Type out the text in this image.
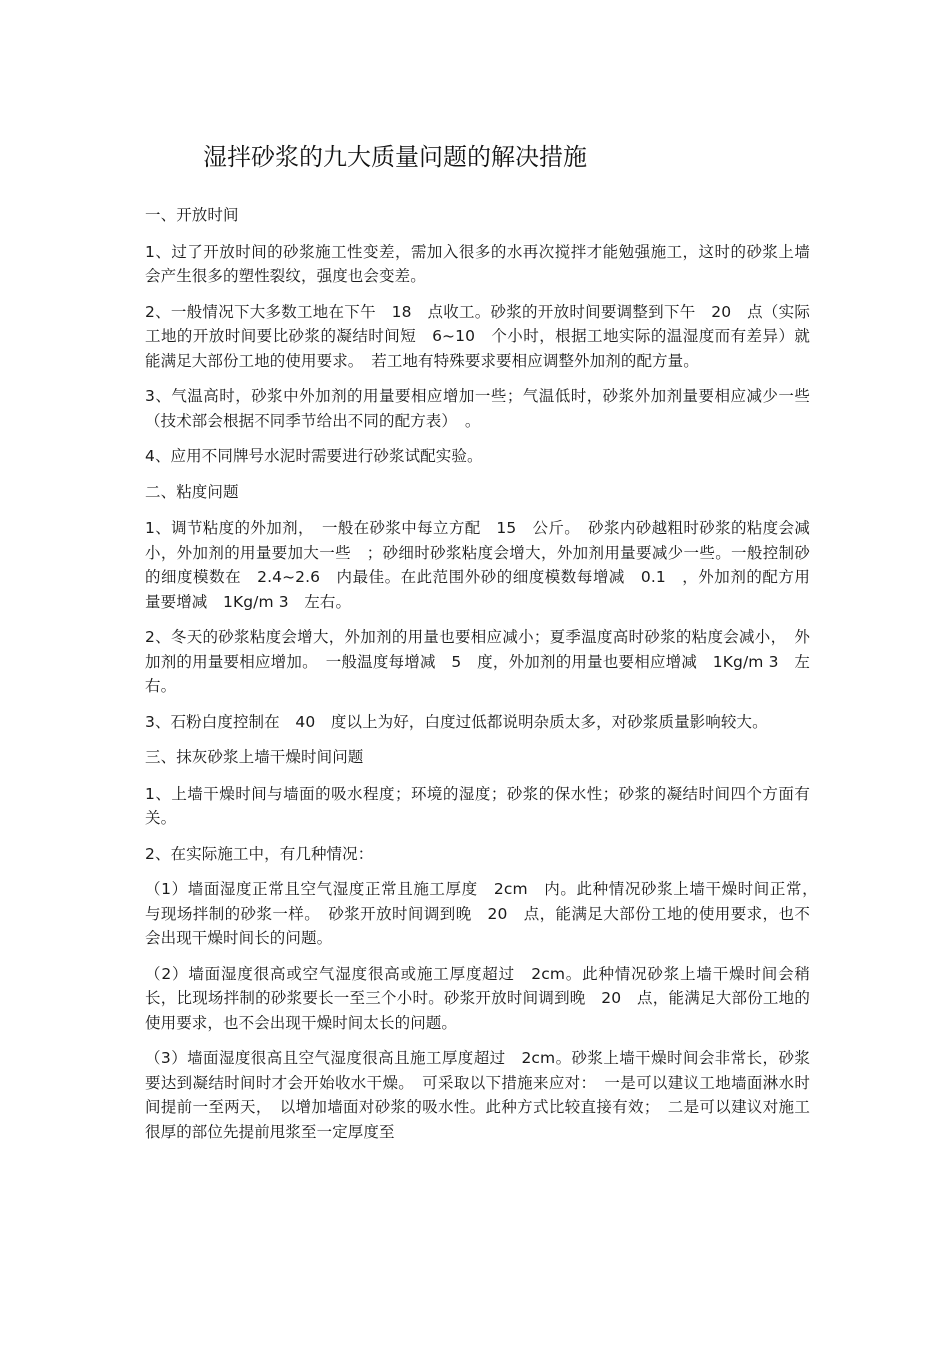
湿拌砂浆的九大质量问题的解决措施

一、开放时间

1、过了开放时间的砂浆施工性变差，需加入很多的水再次搅拌才能勉强施工，这时的砂浆上墙会产生很多的塑性裂纹，强度也会变差。

2、一般情况下大多数工地在下午　18　点收工。砂浆的开放时间要调整到下午　20　点（实际工地的开放时间要比砂浆的凝结时间短　6~10　个小时，根据工地实际的温湿度而有差异）就能满足大部份工地的使用要求。　若工地有特殊要求要相应调整外加剂的配方量。

3、气温高时，砂浆中外加剂的用量要相应增加一些；气温低时，砂浆外加剂量要相应减少一些（技术部会根据不同季节给出不同的配方表）　。

4、应用不同牌号水泥时需要进行砂浆试配实验。

二、粘度问题

1、调节粘度的外加剂，　一般在砂浆中每立方配　15　公斤。　砂浆内砂越粗时砂浆的粘度会减小，外加剂的用量要加大一些　；砂细时砂浆粘度会增大，外加剂用量要减少一些。一般控制砂的细度模数在　2.4~2.6　内最佳。在此范围外砂的细度模数每增减　0.1　，外加剂的配方用量要增减　1Kg/m 3　左右。

2、冬天的砂浆粘度会增大，外加剂的用量也要相应减小；夏季温度高时砂浆的粘度会减小，　外加剂的用量要相应增加。　一般温度每增减　5　度，外加剂的用量也要相应增减　1Kg/m 3　左右。

3、石粉白度控制在　40　度以上为好，白度过低都说明杂质太多，对砂浆质量影响较大。

三、抹灰砂浆上墙干燥时间问题

1、上墙干燥时间与墙面的吸水程度；环境的湿度；砂浆的保水性；砂浆的凝结时间四个方面有关。

2、在实际施工中，有几种情况：

（1）墙面湿度正常且空气湿度正常且施工厚度　2cm　内。此种情况砂浆上墙干燥时间正常，　与现场拌制的砂浆一样。　砂浆开放时间调到晚　20　点，能满足大部份工地的使用要求，也不会出现干燥时间长的问题。

（2）墙面湿度很高或空气湿度很高或施工厚度超过　2cm。此种情况砂浆上墙干燥时间会稍长，比现场拌制的砂浆要长一至三个小时。砂浆开放时间调到晚　20　点，能满足大部份工地的使用要求，也不会出现干燥时间太长的问题。

（3）墙面湿度很高且空气湿度很高且施工厚度超过　2cm。砂浆上墙干燥时间会非常长，砂浆要达到凝结时间时才会开始收水干燥。　可采取以下措施来应对：　一是可以建议工地墙面淋水时间提前一至两天，　以增加墙面对砂浆的吸水性。此种方式比较直接有效；　二是可以建议对施工很厚的部位先提前甩浆至一定厚度至
